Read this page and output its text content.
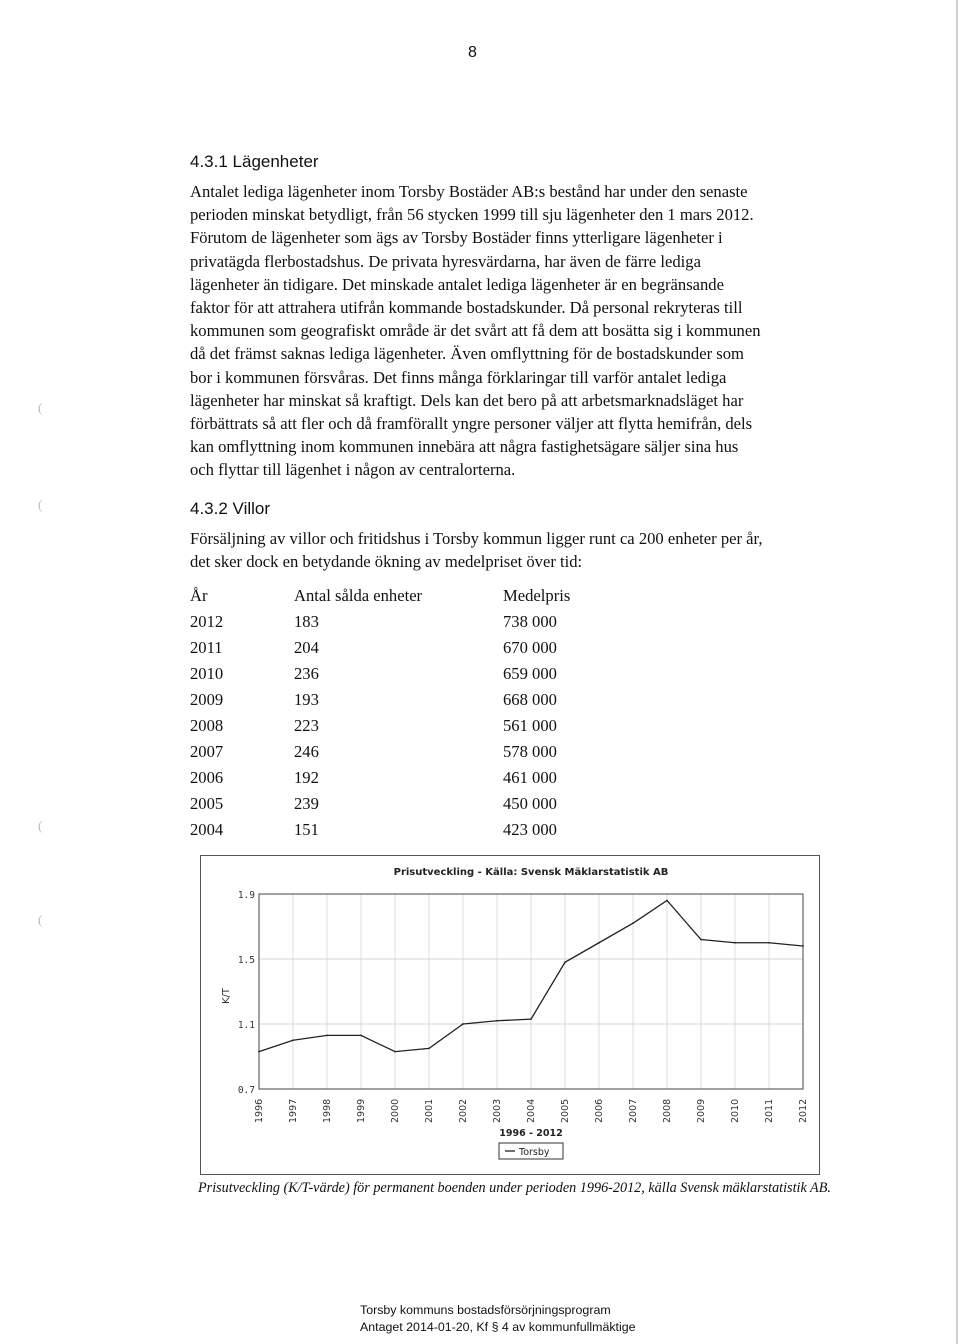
(
(
(
(
8
4.3.1 Lägenheter
Antalet lediga lägenheter inom Torsby Bostäder AB:s bestånd har under den senaste
perioden minskat betydligt, från 56 stycken 1999 till sju lägenheter den 1 mars 2012.
Förutom de lägenheter som ägs av Torsby Bostäder finns ytterligare lägenheter i
privatägda flerbostadshus. De privata hyresvärdarna, har även de färre lediga
lägenheter än tidigare. Det minskade antalet lediga lägenheter är en begränsande
faktor för att attrahera utifrån kommande bostadskunder. Då personal rekryteras till
kommunen som geografiskt område är det svårt att få dem att bosätta sig i kommunen
då det främst saknas lediga lägenheter. Även omflyttning för de bostadskunder som
bor i kommunen försvåras. Det finns många förklaringar till varför antalet lediga
lägenheter har minskat så kraftigt. Dels kan det bero på att arbetsmarknadsläget har
förbättrats så att fler och då framförallt yngre personer väljer att flytta hemifrån, dels
kan omflyttning inom kommunen innebära att några fastighetsägare säljer sina hus
och flyttar till lägenhet i någon av centralorterna.
4.3.2 Villor
Försäljning av villor och fritidshus i Torsby kommun ligger runt ca 200 enheter per år,
det sker dock en betydande ökning av medelpriset över tid:
År	Antal sålda enheter	Medelpris
2012	183	738 000
2011	204	670 000
2010	236	659 000
2009	193	668 000
2008	223	561 000
2007	246	578 000
2006	192	461 000
2005	239	450 000
2004	151	423 000
Prisutveckling - Källa: Svensk Mäklarstatistik AB
1.9
1.5
1.1
0.7
K/T
1996 1997 1998 1999 2000 2001 2002 2003 2004 2005 2006 2007 2008 2009 2010 2011 2012
1996 - 2012
Torsby
Prisutveckling (K/T-värde) för permanent boenden under perioden 1996-2012, källa Svensk mäklarstatistik AB.
Torsby kommuns bostadsförsörjningsprogram
Antaget 2014-01-20, Kf § 4 av kommunfullmäktige
